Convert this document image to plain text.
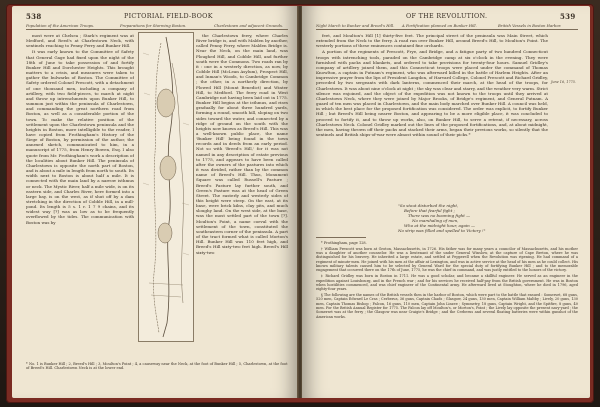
538	PICTORIAL FIELD-BOOK
Population of the American Troops.	Preparations for Storming Boston.	Charlestown and adjacent Grounds.

most were at Chelsea ; Stark's regiment was at Medford, and Reed's at Charlestown Neck, with sentinels reaching to Penny Ferry and Bunker Hill.

It was early known to the Committee of Safety that General Gage had fixed upon the night of the 18th of June to take possession of and fortify Bunker Hill and Dorchester Heights. This brought matters to a crisis, and measures were taken to gather the bulwarks of Boston. The Committee of Safety ordered Colonel Prescott, with a detachment of one thousand men, including a company of artillery, with two field-pieces, to march at night and throw up intrenchments upon Bunker Hill, to summon just within the peninsula of Charlestown, and commanding the great northern road from Boston, as well as a considerable portion of the town. To make the relative position of the settlement upon the Charlestown peninsula and the heights in Boston, more intelligible to the reader, I have copied from Frothingham's History of the Siege of Boston, by permission of the author, the annexed sketch, communicated to him, in a manuscript of 1775, from Henry Bowen, Esq. I also quote from Mr. Frothingham's work a description of the localities about Bunker Hill. The peninsula of Charlestown is opposite the north part of Boston, and is about a mile in length from north to south. Its width next to Boston is about half a mile. It is connected with the main land by a narrow isthmus or neck. The Mystic River, half a mile wide, is on its eastern side, and Charles River, here formed into a large bay, is on the west, as if shut off by a dam stretching in the direction of Cobble Hill, in a mill-pond. Its length is 5 s. 1 r. 1 7 9 chains, and its widest way [?] was as low as to be frequently overflowed by the tides. The communication with Boston was by

the Charlestown ferry, where Charles River bridge is, and with Malden by another, called Penny Ferry, where Malden Bridge is. Near the Neck, on the main land, was Ploughed Hill, and Cobble Hill, and further south were the Commons. Two roads ran by it : one in a westerly direction, as now, by Cobble Hill (McLean Asylum), Prospect Hill, and Inman's Woods, to Cambridge Common ; the other, in a northerly direction, by Plowed Hill (Mount Benedict) and Winter Hill, to Medford. The ferry road in West Cambridge not having been laid out in 1775. Bunker Hill begins at the isthmus, and rises gradually for about three hundred yards, forming a round, smooth hill, sloping on two sides toward the water, and connected by a ridge of ground on the south with the heights now known as Breed's Hill. This was a well-known public place, the name 'Bunker Hill' being found in the town records and in deeds from an early period. Not so with 'Breed's Hill,' for it was not named in any description of estate previous to 1775, and appears to have been called after the owners of the pastures into which it was divided, rather than by the common name of Breed's Hill. Thus, Monument Square was called Russell's Pasture ; Breed's Pasture lay further south, and Green's Pasture was at the head of Green Street. The easterly and westerly sides of this height were steep. On the east, at its base, were brick kilns, clay pits, and much sloughy land. On the west side, at the base, was the most settled part of the town [?]. Moulton's Point, a name coeval with the settlement of the town, constituted the southeastern corner of the peninsula. A part of the tract formed what is called Morton's Hill. Bunker Hill was 110 feet high, and Breed's Hill sixty-two feet high. Breed's Hill sixty-two

* No. 1 is Bunker Hill ; 2, Breed's Hill ; 3, Moulton's Point ; 4, a causeway near the Neck, at the foot of Bunker Hill ; 5, Charlestown, at the foot of Breed's Hill. Charlestown Neck is at the lower end.
OF THE REVOLUTION.	539
Night March to Bunker and Breed's Hill. A Fortification planned on Bunker Hill.	British Vessels in Boston Harbor.

feet, and Moulton's Hill [1] thirty-five feet. The principal street of the peninsula was Main Street, which extended from the Neck to the ferry. A road ran over Bunker Hill, around Breed's Hill, to Moulton's Point. The westerly portions of these eminences contained fine orchards.

A portion of the regiments of Prescott, Frye, and Bridge, and a fatigue party of two hundred Connecticut troops with intrenching tools, paraded on the Cambridge camp at six o'clock in the evening. They were furnished with packs and blankets, and ordered to take provisions for twenty-four hours. Samuel Gridley's company of artillery joined them, and this Connecticut troops were placed under the command of Thomas Knowlton, a captain in Putnam's regiment, who was afterward killed in the battle of Harlem Heights. After an impressive prayer from the lips of President Langdon, of Harvard College, Colonel Prescott and Richard Gridley, preceded by two sergeants with dark lanterns, commenced their march, at the head of the troops, for Charlestown. It was about nine o'clock at night ; the sky was clear and starry, and the weather very warm. Strict silence was enjoined, and the object of the expedition was not known to the troops until they arrived at Charlestown Neck, where they were joined by Major Brooks, of Bridge's regiment, and General Putnam. A guard of ten men was placed in Charlestown, and the main body marched over Bunker Hill. A council was held, in which the best place for the proposed fortification was considered. The order was explicit, to fortify Bunker Hill ; but Breed's Hill being nearer Boston, and appearing to be a more eligible place, it was concluded to proceed to fortify it, and to throw up works, also, on Bunker Hill, to serve a retreat, if necessary, across Charlestown Neck. Colonel Gridley marked out the lines of the proposed fortifications, and, at about midnight, the men, having thrown off their packs and stacked their arms, began their previous works, so silently that the sentinels and British ships-of-war were almost within sound of their picks.*

June 16, 1775.
"So stout disturbed the night,
Before that fearful fight ;
There was no booming fight —
No marshaling of men,
Who at the midnight hour, again —
No strip was filled and spelled to Victory !"

* Frothingham, page 128.

† William Prescott was born at Groton, Massachusetts, in 1726. His father was for many years a councilor of Massachusetts, and his mother was a daughter of another counselor. He was a lieutenant of the under General Winslow, at the capture of Cape Breton, where he was distinguished for his bravery. He inherited a large estate, and settled at Pepperell when the Revolution was ripening. He had command of a regiment of minute-men. He joined with his men at the affair at Lexington, and was in active service at the head of his men as he could collect. His known military talents caused him to be selected by General Ward for the special duty of fortifying Bunker Hill ; and to the memorable engagement that occurred there on the 17th of June, 1775, he was the chief in command, and was justly entitled to the honors of the victory.

‡ Richard Gridley was born in Boston in 1711. He was a good scholar, and became a skillful engineer. He served as an engineer in the expedition against Louisbourg, and in the French war ; and for his services he received half-pay from the British government. He was in Boston when hostilities commenced, and was chief engineer of the Continental army. He afterward lived at Stoughton, where he died in 1796, aged eighty-four years.

§ The following are the names of the British vessels then in the harbor of Boston, which were part to the battle that ensued : Somerset, 68 guns, 520 men, Captain Edward Le Cras ; Cerberus, 36 guns, Captain Chads ; Glasgow, 24 guns, 130 men, Captain William Maltby ; Lively, 20 guns, 130 men, Captain Thomas Bishop ; Falcon, 16 guns, 110 men, Captain John Linzee ; Symmetry, 18 guns, Captain Wright, and the Spitfire, 8 guns, 40 men. For the British Annual Register for 1775. The Falcon lay off Moulton's, or Morton's, Point ; the Lively lay opposite the present navy-yard ; the Somerset was at the ferry ; the Glasgow was near Craigie's Bridge ; and the Cerberus and several floating batteries were within gunshot of the American works.
